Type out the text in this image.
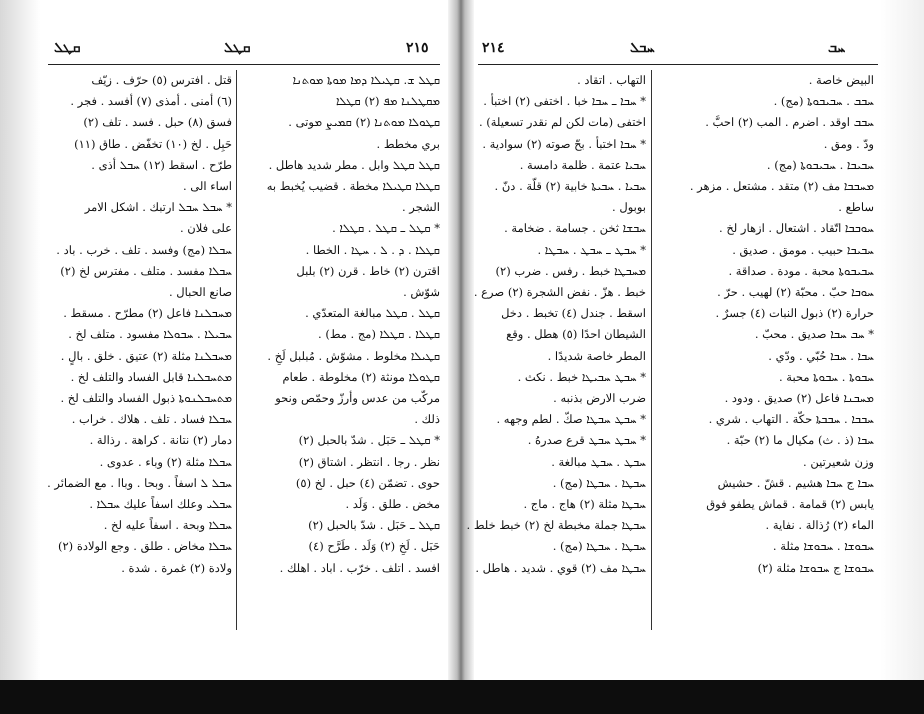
ܩܛܠ	ܩܛܠ	٢١٥
ܩܛܠ ܫ. ܩܛܝܠܐ ܕܡܐ ܡܘܬܐ ܡܘܬܢܐ
ܡܩܛܠܢܐ ܡܦ (٢) ܩܛܠܐ
ܩܛܘܠܐ ܡܘܬܢܐ (٢) ܩܡܝܨ ܡوتى .
بري مخطط .
ܩܛܠ ܩܛܠ وابل . مطر شديد هاطل .
ܩܛܠܐ ܩܛܝܠܐ مخطة . قضيب يُخبط به
الشجر .
* ܩܛܠ ـ ܩܛܠ . ܩܛܠܐ .
ܩܛܠܐ . ܕ . ܠ . ܚܛܐ . الخطا .
اقترن (٢) خاط . قرن (٢) بلبل
شوّش .
ܩܛܠ . ܩܛܠ مبالغة المتعدّي .
ܩܛܠܐ . ܩܛܠܐ (مج . مط) .
ܩܛܝܠܐ مخلوط . مشوّش . مُبلبل لَخِ .
ܩܛܘܠܐ مونثة (٢) مخلوطة . طعام
مركّب من عدس وأرزّ وحمّص ونحو
ذلك .
* ܩܛܠ ـ حَبَل . شدّ بالحبل (٢)
نظر . رجا . انتظر . اشتاق (٢)
حوى . تضمّن (٤) حبل . لخ (٥)
مخض . طلق . وَلَد .
ܩܛܠ ـ حَبَل . شدّ بالحبل (٢)
حَبَل . لَخِ (٢) وَلَد . طَرَّح (٤)
افسد . اتلف . خرّب . اباد . اهلك .
قتل . افترس (٥) حرّف . زيّف
(٦) أمنى . أمذى (٧) أفسد . فجر .
فسق (٨) حبل . فسد . تلف (٢)
حَبِل . لخ (١٠) تخفّض . طاق (١١)
طرّح . اسقط (١٢) ܚܒܠ أذى .
اساء الى .
* ܚܒܠ ܚܒܠ ارتبك . اشكل الامر
على فلان .
ܚܒܠܐ (مج) وفسد . تلف . خرب . باد .
ܚܒܠܐ مفسد . متلف . مفترس لخ (٢)
صانع الحبال .
ܡܚܒܠܢܐ فاعل (٢) مطرّح . مسقط .
ܚܒܝܠܐ . ܚܒܘܠܐ مفسود . متلف لخ .
ܡܚܒܠܢܐ مثلة (٢) عتيق . خلق . بالٍ .
ܡܬܚܒܠܢܐ قابل الفساد والتلف لخ .
ܡܬܚܒܠܢܘܬܐ ذبول الفساد والتلف لخ .
ܚܒܠܐ فساد . تلف . هلاك . خراب .
دمار (٢) نتانة . كراهة . رذالة .
ܚܒܠܐ مثلة (٢) وباء . عدوى .
ܚܒܠ ܠ اسفاً . وبحا . وباا . مع الضمائر .
ܚܒܠܝ وعلك اسفاً عليك ܚܒܠܐ .
ܚܒܠܐ وبحة . اسفاً عليه لخ .
ܚܒܠܐ مخاض . طلق . وجع الولادة (٢)
ولادة (٢) غمرة . شدة .
٢١٤	ܚܒܠ	ܚܒ
البيض خاصة .
ܚܒܒ . ܚܒܝܒܘܬܐ (مج) .
ܚܒܒ اوقد . اضرم . المب (٢) احبَّ .
ودّ . ومق .
ܚܒܝܒܐ . ܚܒܝܒܘܬܐ (مج) .
ܡܚܒܒܐ مف (٢) متقد . مشتعل . مزهر .
ساطع .
ܚܘܒܒܐ اتّقاد . اشتعال . ازهار لخ .
ܚܒܝܒܐ حبيب . مومق . صديق .
ܚܒܝܒܘܬܐ محبة . مودة . صداقة .
ܚܘܒܐ حبّ . محبّة (٢) لهيب . حرّ .
حرارة (٢) ذبول النبات (٤) جسرٌ .
* ܚܒ ܚܒܐ صديق . محبّ .
ܚܒܐ . ܚܒܐ حُبّي . ودّي .
ܚܒܘܬܐ . ܚܒܘܬܐ محبة .
ܡܚܒܢܐ فاعل (٢) صديق . ودود .
ܚܒܒܐ . ܚܒܒܬܐ حكّة . التهاب . شري .
ܚܒܐ (ذ . ث) مكيال ما (٢) حبّة .
وزن شعيرتين .
ܚܒܐ ج ܚܒܐ هشيم . قشّ . حشيش
يابس (٢) قمامة . قماش يطفو فوق
الماء (٢) رُذالة . نفاية .
ܚܒܘܫܐ . ܚܒܘܫܐ مثلة .
ܚܒܘܫܐ ج ܚܒܘܫܐ مثلة (٢)
التهاب . اتقاد .
* ܚܒܐ ـ ܚܒܐ خبا . اختفى (٢) اختبأ .
اختفى (مات لكن لم نقدر تسعيلة) .
* ܚܒܐ اختبأ . بحّ صوته (٢) سوادية .
ܚܒܝܐ عتمة . ظلمة دامسة .
ܚܒܝܐ . ܚܒܝܬܐ خابية (٢) قلّة . دنّ .
بوبول .
ܚܒܫܐ ثخن . جسامة . ضخامة .
* ܚܒܛ ـ ܚܒܛ . ܚܒܛܐ .
ܡܚܒܛܐ خبط . رفس . ضرب (٢)
خبط . هزّ . نفض الشجرة (٢) صرع .
اسقط . جندل (٤) تخبط . دخل
الشيطان احدًا (٥) هطل . وقع
المطر خاصة شديدًا .
* ܚܒܛ ܚܒܝܛܐ خبط . نكث .
ضرب الارض بذنبه .
* ܚܒܛ ܚܒܛܐ صكّ . لطم وجهه .
* ܚܒܛ ܚܒܛ قرع صدرهُ .
ܚܒܛ . ܚܒܛ مبالغة .
ܚܒܛܐ . ܚܒܛܐ (مج) .
ܚܒܛܐ مثلة (٢) هاج . ماج .
ܚܒܛܐ جملة مخبطة لخ (٢) خبط خلط .
ܚܒܛܐ . ܚܒܛܐ (مج) .
ܚܒܛܐ مف (٢) قوي . شديد . هاطل .
